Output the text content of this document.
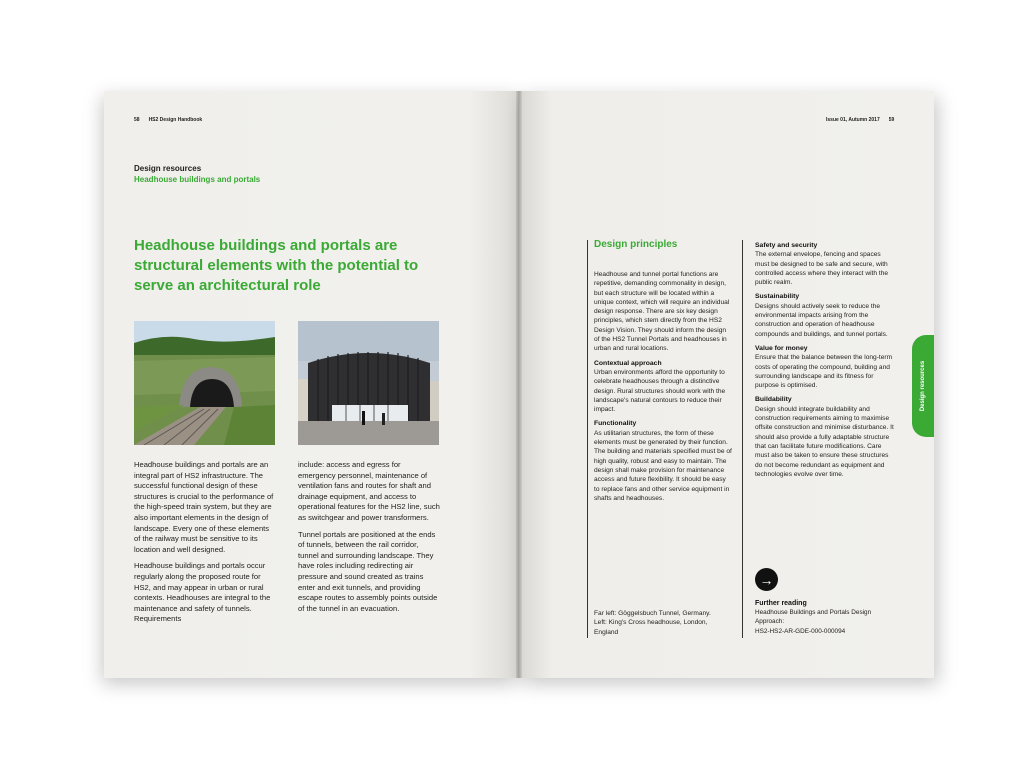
58 HS2 Design Handbook	Issue 01, Autumn 2017 59
Design resources
Headhouse buildings and portals
Headhouse buildings and portals are structural elements with the potential to serve an architectural role

Headhouse buildings and portals are an integral part of HS2 infrastructure. The successful functional design of these structures is crucial to the performance of the high-speed train system, but they are also important elements in the design of landscape. Every one of these elements of the railway must be sensitive to its location and well designed.

Headhouse buildings and portals occur regularly along the proposed route for HS2, and may appear in urban or rural contexts. Headhouses are integral to the maintenance and safety of tunnels. Requirements

include: access and egress for emergency personnel, maintenance of ventilation fans and routes for shaft and drainage equipment, and access to operational features for the HS2 line, such as switchgear and power transformers.

Tunnel portals are positioned at the ends of tunnels, between the rail corridor, tunnel and surrounding landscape. They have roles including redirecting air pressure and sound created as trains enter and exit tunnels, and providing escape routes to assembly points outside of the tunnel in an evacuation.

Design principles

Headhouse and tunnel portal functions are repetitive, demanding commonality in design, but each structure will be located within a unique context, which will require an individual design response. There are six key design principles, which stem directly from the HS2 Design Vision. They should inform the design of the HS2 Tunnel Portals and headhouses in urban and rural locations.

Contextual approach

Urban environments afford the opportunity to celebrate headhouses through a distinctive design. Rural structures should work with the landscape's natural contours to reduce their impact.

Functionality

As utilitarian structures, the form of these elements must be generated by their function. The building and materials specified must be of high quality, robust and easy to maintain. The design shall make provision for maintenance access and future flexibility. It should be easy to replace fans and other service equipment in shafts and headhouses.

Safety and security

The external envelope, fencing and spaces must be designed to be safe and secure, with controlled access where they interact with the public realm.

Sustainability

Designs should actively seek to reduce the environmental impacts arising from the construction and operation of headhouse compounds and buildings, and tunnel portals.

Value for money

Ensure that the balance between the long-term costs of operating the compound, building and surrounding landscape and its fitness for purpose is optimised.

Buildability

Design should integrate buildability and construction requirements aiming to maximise offsite construction and minimise disturbance. It should also provide a fully adaptable structure that can facilitate future modifications. Care must also be taken to ensure these structures do not become redundant as equipment and technologies evolve over time.

Far left: Göggelsbuch Tunnel, Germany. Left: King's Cross headhouse, London, England
→
Further reading
Headhouse Buildings and Portals Design Approach:
HS2-HS2-AR-GDE-000-000094
Design resources
